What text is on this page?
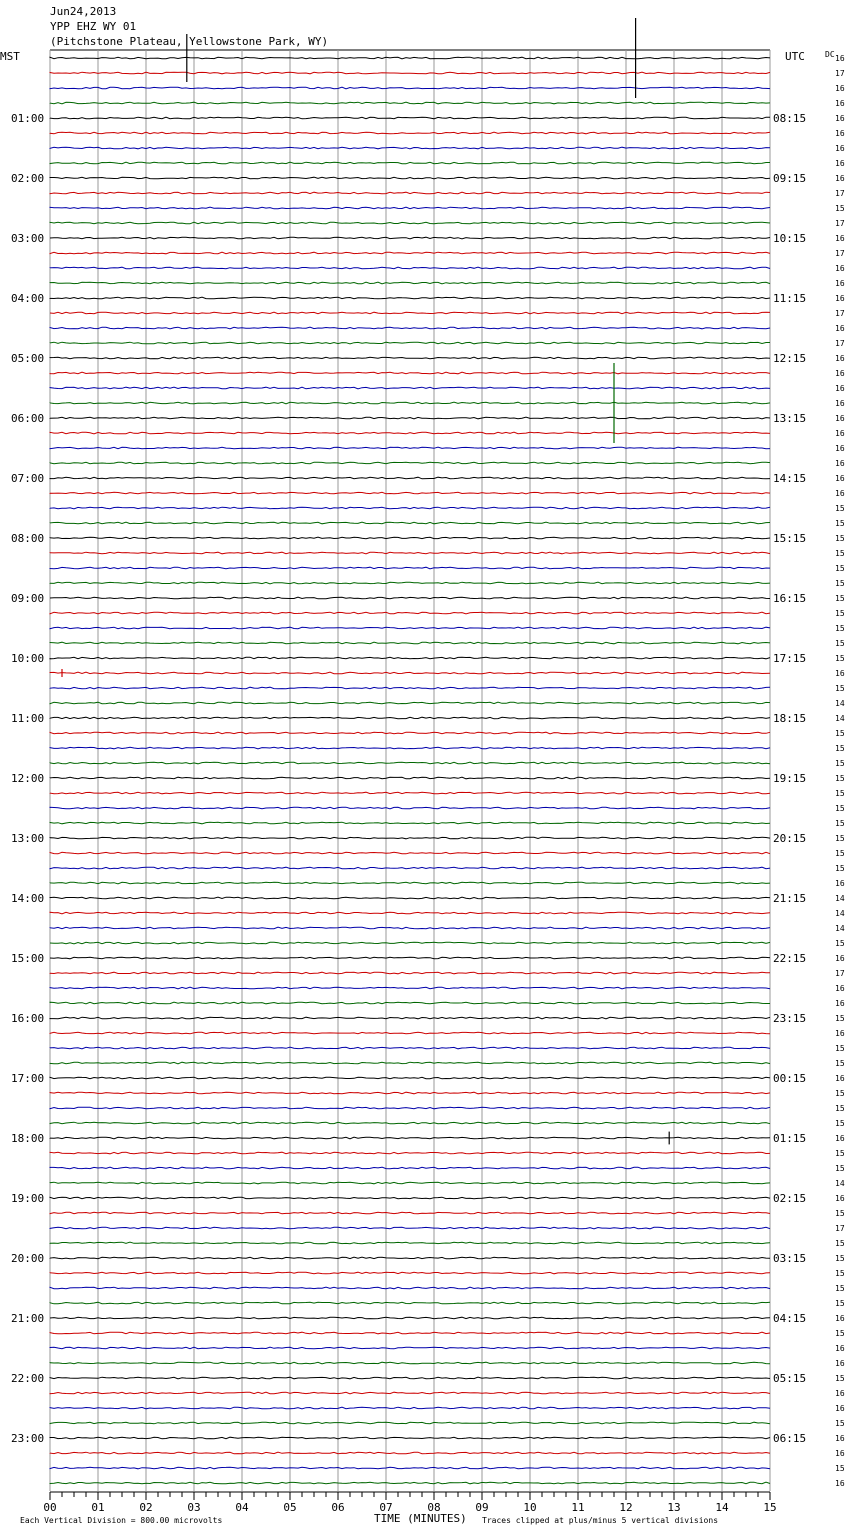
Jun24,2013
YPP EHZ WY 01
(Pitchstone Plateau, Yellowstone Park, WY)
MST	UTC	DC
01:00
02:00
03:00
04:00
05:00
06:00
07:00
08:00
09:00
10:00
11:00
12:00
13:00
14:00
15:00
16:00
17:00
18:00
19:00
20:00
21:00
22:00
23:00
08:15
09:15
10:15
11:15
12:15
13:15
14:15
15:15
16:15
17:15
18:15
19:15
20:15
21:15
22:15
23:15
00:15
01:15
02:15
03:15
04:15
05:15
06:15
16
17
16
16
16
16
16
16
16
17
15
17
16
17
16
16
16
17
16
17
16
16
16
16
16
16
16
16
16
16
15
15
15
15
15
15
15
15
15
15
15
16
15
14
14
15
15
15
15
15
15
15
15
15
15
16
14
14
14
15
16
17
16
16
15
16
15
15
16
15
15
15
16
15
15
14
16
15
17
15
15
15
15
15
16
15
16
16
15
16
16
15
16
16
15
16
00	01	02	03	04	05	06	07	08	09	10	11	12	13	14	15
TIME (MINUTES)
Each Vertical Division = 800.00 microvolts	Traces clipped at plus/minus 5 vertical divisions
